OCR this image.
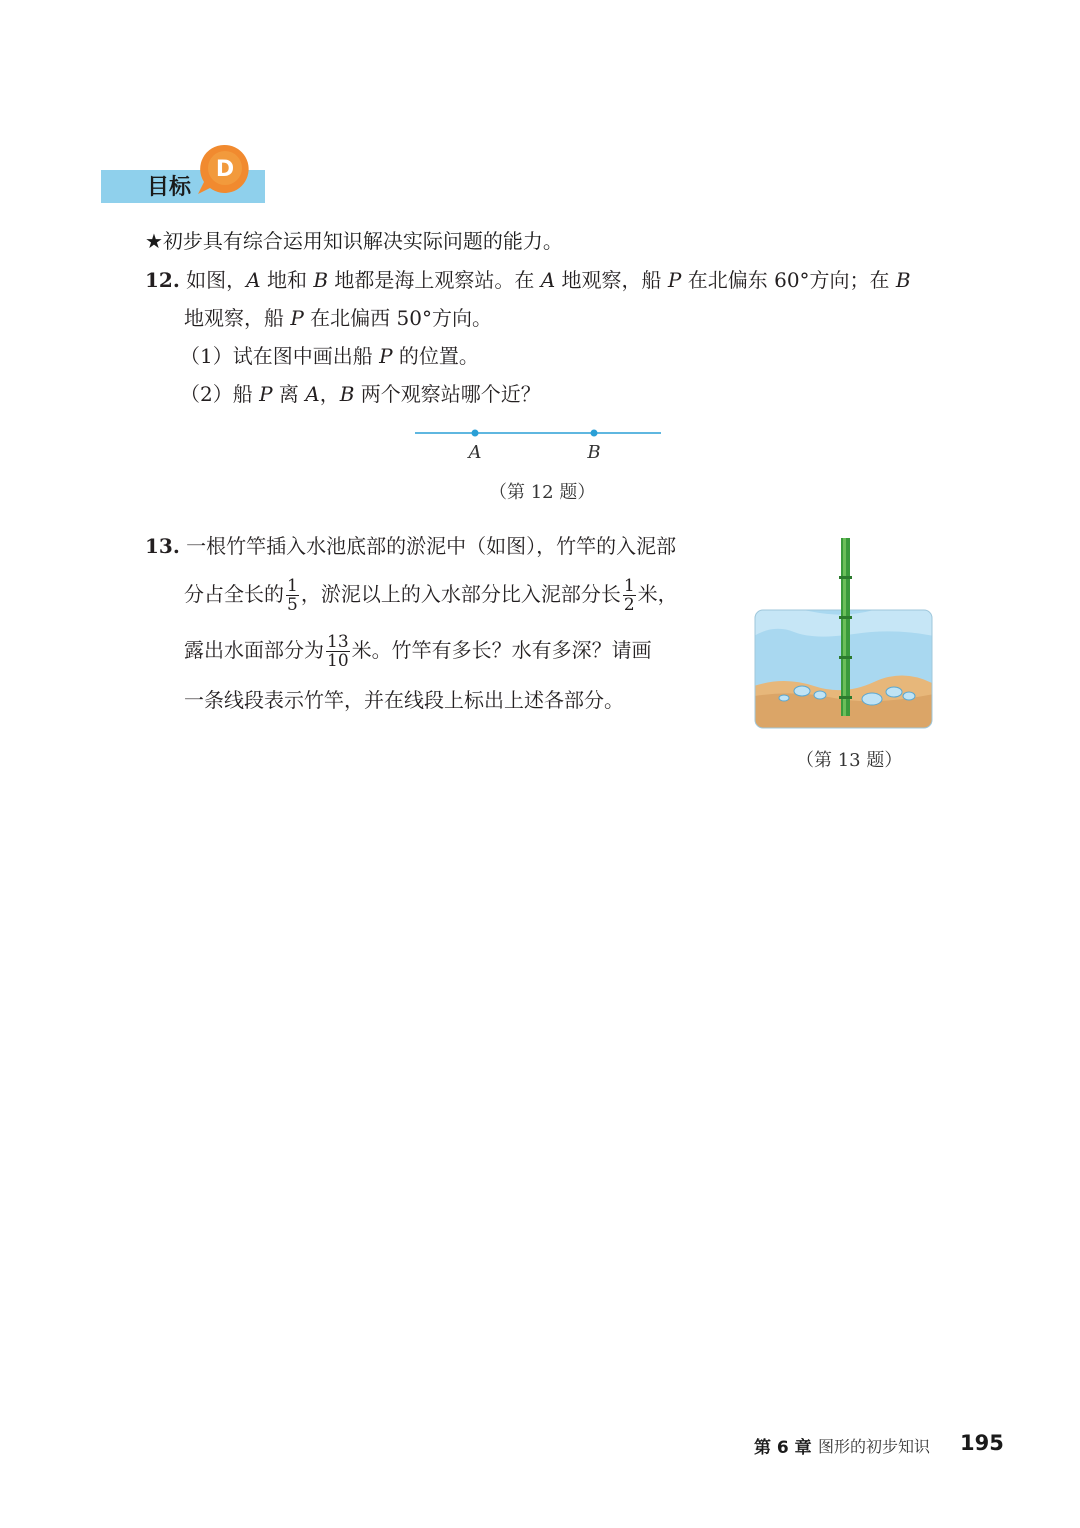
目标
D
★初步具有综合运用知识解决实际问题的能力。
12. 如图，A 地和 B 地都是海上观察站。在 A 地观察，船 P 在北偏东 60°方向；在 B
地观察，船 P 在北偏西 50°方向。
（1）试在图中画出船 P 的位置。
（2）船 P 离 A，B 两个观察站哪个近？
A	B
（第 12 题）
13. 一根竹竿插入水池底部的淤泥中（如图），竹竿的入泥部
分占全长的 $\frac{1}{5}$ ，淤泥以上的入水部分比入泥部分长 $\frac{1}{2}$ 米，
露出水面部分为 $\frac{13}{10}$ 米。竹竿有多长？水有多深？请画
一条线段表示竹竿，并在线段上标出上述各部分。
（第 13 题）
第 6 章 图形的初步知识 195
